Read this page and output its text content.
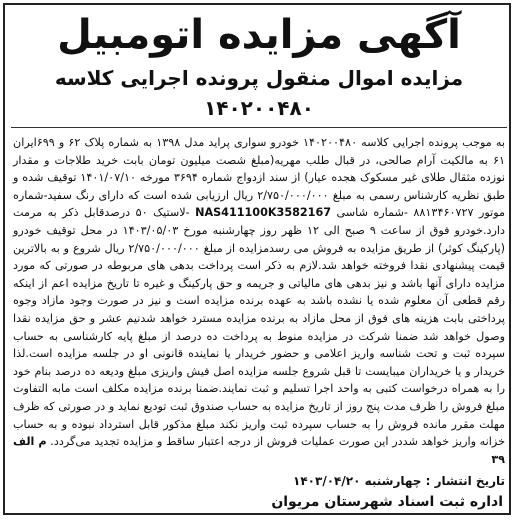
آگهی مزایده اتومبیل
مزایده اموال منقول پرونده اجرایی کلاسه ۱۴۰۲۰۰۴۸۰

به موجب پرونده اجرایی کلاسه ۱۴۰۲۰۰۴۸۰ خودرو سواری پراید مدل ۱۳۹۸ به شماره پلاک ۶۲ و ۶۹۹ایران ۶۱ به مالکیت آرام صالحی، در قبال طلب مهریه(مبلغ شصت میلیون تومان بابت خرید طلاجات و مقدار نوزده مثقال طلای غیر مسکوک هجده عیار) از سند ازدواج شماره ۳۶۹۴ مورخه ۱۴۰۱/۰۷/۱۰ توقیف شده و طبق نظریه کارشناس رسمی به مبلغ ۲/۷۵۰/۰۰۰/۰۰۰ ریال ارزیابی شده است که دارای رنگ سفید-شماره موتور ۸۸۱۳۴۶۰۷۲۷ -شماره شاسی NAS411100K3582167 -لاستیک ۵۰ درصدقابل ذکر به مرمت دارد.خودرو فوق از ساعت ۹ صبح الی ۱۲ ظهر روز چهارشنبه مورخ ۱۴۰۳/۰۵/۰۳ در محل توقیف خودرو (پارکینگ کوثر) از طریق مزایده به فروش می رسدمزایده از مبلغ ۲/۷۵۰/۰۰۰/۰۰۰ ریال شروع و به بالاترین قیمت پیشنهادی نقدا فروخته خواهد شد.لازم به ذکر است پرداخت بدهی های مربوطه در صورتی که مورد مزایده دارای آنها باشد و نیز بدهی های مالیاتی و جریمه و حق پارکینگ و غیره تا تاریخ مزایده اعم از اینکه رقم قطعی آن معلوم شده یا نشده باشد به عهده برنده مزایده است و نیز در صورت وجود مازاد وجوه پرداختی بابت هزینه های فوق از محل مازاد به برنده مزایده مسترد خواهد شدنیم عشر و حق مزایده نقدا وصول خواهد شد ضمنا شرکت در مزایده منوط به پرداخت ده درصد از مبلغ پایه کارشناسی به حساب سپرده ثبت و تحت شناسه واریز اعلامی و حضور خریدار یا نماینده قانونی او در جلسه مزایده است.لذا خریدار و یا خریداران میبایست تا قبل شروع جلسه مزایده اصل فیش واریزی مبلغ ودیعه ده درصد بنام خود را به همراه درخواست کتبی به واحد اجرا تسلیم و ثبت نمایند.ضمنا برنده مزایده مکلف است مابه التفاوت مبلغ فروش را ظرف مدت پنج روز از تاریخ مزایده به حساب صندوق ثبت تودیع نماید و در صورتی که ظرف مهلت مقرر مانده فروش را به حساب سپرده ثبت واریز نکند مبلغ مذکور قابل استرداد نبوده و به حساب خزانه واریز خواهد شددر این صورت عملیات فروش از درجه اعتبار ساقط و مزایده تجدید می‌گردد. م الف ۳۹

تاریخ انتشار : چهارشنبه ۱۴۰۳/۰۴/۲۰
اداره ثبت اسناد شهرستان مریوان
